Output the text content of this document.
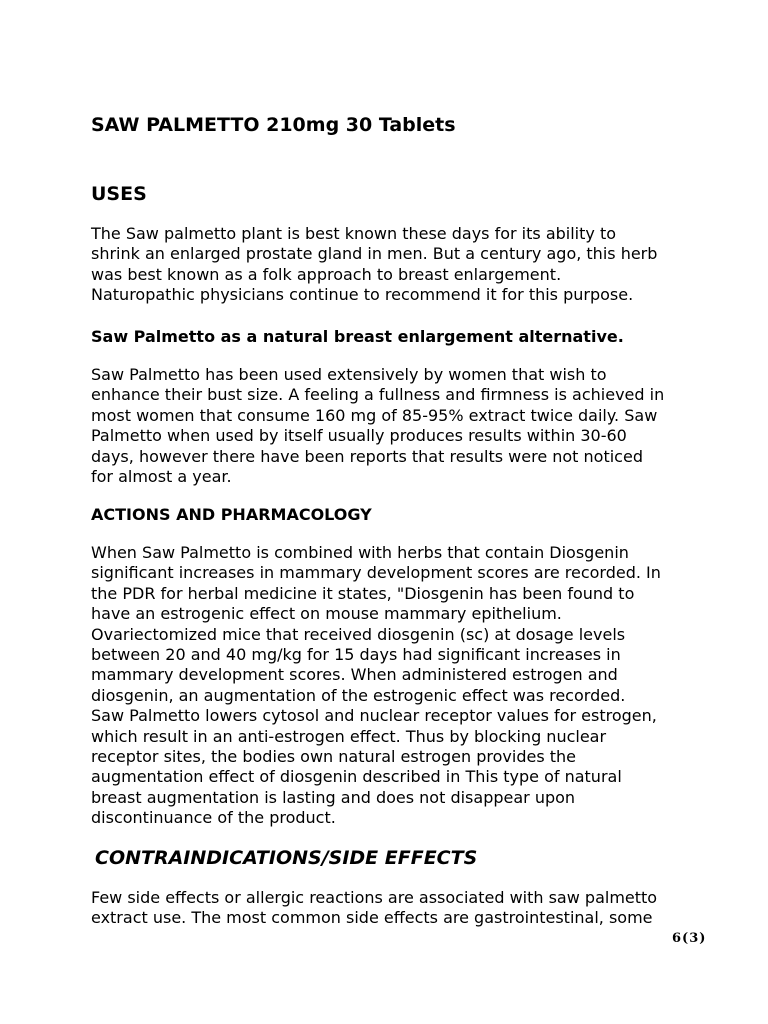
SAW PALMETTO 210mg 30 Tablets
USES

The Saw palmetto plant is best known these days for its ability to
shrink an enlarged prostate gland in men. But a century ago, this herb
was best known as a folk approach to breast enlargement.
Naturopathic physicians continue to recommend it for this purpose.

Saw Palmetto as a natural breast enlargement alternative.

Saw Palmetto has been used extensively by women that wish to
enhance their bust size. A feeling a fullness and firmness is achieved in
most women that consume 160 mg of 85-95% extract twice daily. Saw
Palmetto when used by itself usually produces results within 30-60
days, however there have been reports that results were not noticed
for almost a year.

ACTIONS AND PHARMACOLOGY

When Saw Palmetto is combined with herbs that contain Diosgenin
significant increases in mammary development scores are recorded. In
the PDR for herbal medicine it states, "Diosgenin has been found to
have an estrogenic effect on mouse mammary epithelium.
Ovariectomized mice that received diosgenin (sc) at dosage levels
between 20 and 40 mg/kg for 15 days had significant increases in
mammary development scores. When administered estrogen and
diosgenin, an augmentation of the estrogenic effect was recorded.
Saw Palmetto lowers cytosol and nuclear receptor values for estrogen,
which result in an anti-estrogen effect. Thus by blocking nuclear
receptor sites, the bodies own natural estrogen provides the
augmentation effect of diosgenin described in This type of natural
breast augmentation is lasting and does not disappear upon
discontinuance of the product.

CONTRAINDICATIONS/SIDE EFFECTS

Few side effects or allergic reactions are associated with saw palmetto
extract use. The most common side effects are gastrointestinal, some

6(3)
